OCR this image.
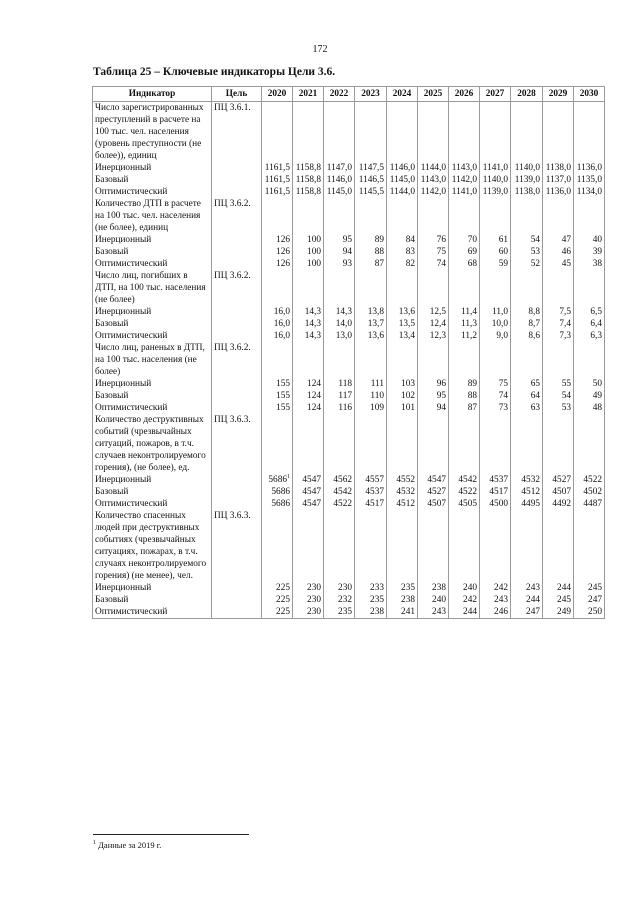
172
Таблица 25 – Ключевые индикаторы Цели 3.6.
Индикатор	Цель	2020	2021	2022	2023	2024	2025	2026	2027	2028	2029	2030
Число зарегистрированных преступлений в расчете на 100 тыс. чел. населения (уровень преступности (не более)), единиц	ПЦ 3.6.1.											
Инерционный		1161,5	1158,8	1147,0	1147,5	1146,0	1144,0	1143,0	1141,0	1140,0	1138,0	1136,0
Базовый		1161,5	1158,8	1146,0	1146,5	1145,0	1143,0	1142,0	1140,0	1139,0	1137,0	1135,0
Оптимистический		1161,5	1158,8	1145,0	1145,5	1144,0	1142,0	1141,0	1139,0	1138,0	1136,0	1134,0
Количество ДТП в расчете на 100 тыс. чел. населения (не более), единиц	ПЦ 3.6.2.											
Инерционный		126	100	95	89	84	76	70	61	54	47	40
Базовый		126	100	94	88	83	75	69	60	53	46	39
Оптимистический		126	100	93	87	82	74	68	59	52	45	38
Число лиц, погибших в ДТП, на 100 тыс. населения (не более)	ПЦ 3.6.2.											
Инерционный		16,0	14,3	14,3	13,8	13,6	12,5	11,4	11,0	8,8	7,5	6,5
Базовый		16,0	14,3	14,0	13,7	13,5	12,4	11,3	10,0	8,7	7,4	6,4
Оптимистический		16,0	14,3	13,0	13,6	13,4	12,3	11,2	9,0	8,6	7,3	6,3
Число лиц, раненых в ДТП, на 100 тыс. населения (не более)	ПЦ 3.6.2.											
Инерционный		155	124	118	111	103	96	89	75	65	55	50
Базовый		155	124	117	110	102	95	88	74	64	54	49
Оптимистический		155	124	116	109	101	94	87	73	63	53	48
Количество деструктивных событий (чрезвычайных ситуаций, пожаров, в т.ч. случаев неконтролируемого горения), (не более), ед.	ПЦ 3.6.3.											
Инерционный		5686$^1$	4547	4562	4557	4552	4547	4542	4537	4532	4527	4522
Базовый		5686	4547	4542	4537	4532	4527	4522	4517	4512	4507	4502
Оптимистический		5686	4547	4522	4517	4512	4507	4505	4500	4495	4492	4487
Количество спасенных людей при деструктивных событиях (чрезвычайных ситуациях, пожарах, в т.ч. случаях неконтролируемого горения) (не менее), чел.	ПЦ 3.6.3.											
Инерционный		225	230	230	233	235	238	240	242	243	244	245
Базовый		225	230	232	235	238	240	242	243	244	245	247
Оптимистический		225	230	235	238	241	243	244	246	247	249	250
$^1$ Данные за 2019 г.
